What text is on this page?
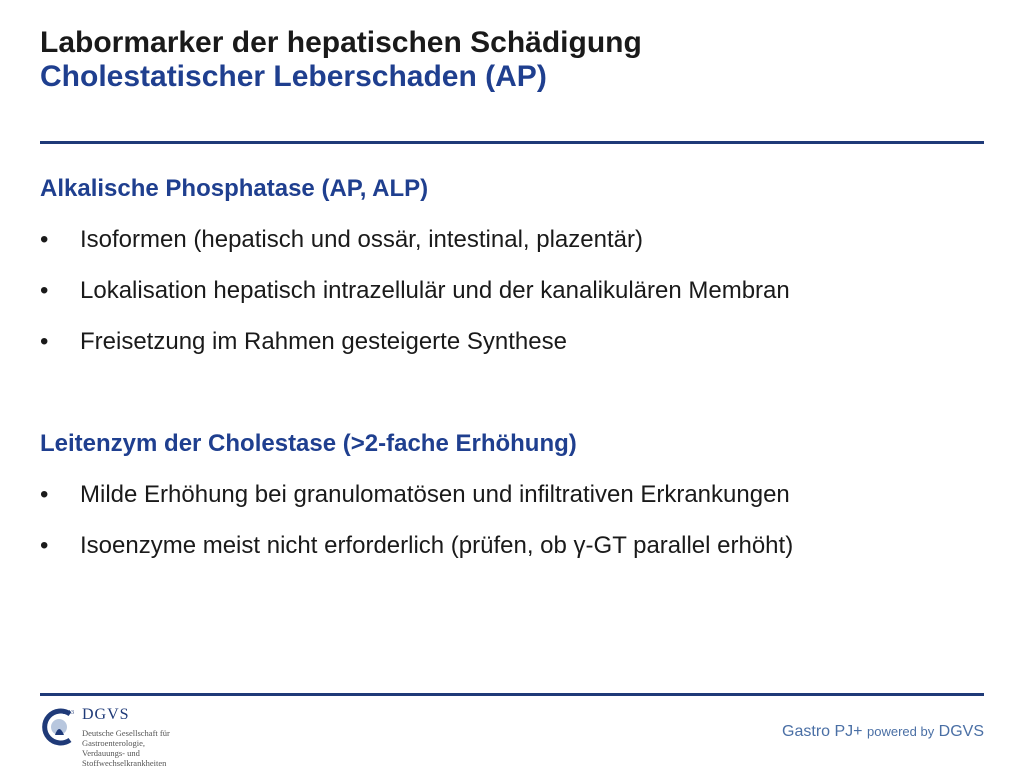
Labormarker der hepatischen Schädigung
Cholestatischer Leberschaden (AP)
Alkalische Phosphatase (AP, ALP)
• Isoformen (hepatisch und ossär, intestinal, plazentär)
• Lokalisation hepatisch intrazellulär und der kanalikulären Membran
• Freisetzung im Rahmen gesteigerte Synthese
Leitenzym der Cholestase (>2-fache Erhöhung)
• Milde Erhöhung bei granulomatösen und infiltrativen Erkrankungen
• Isoenzyme meist nicht erforderlich (prüfen, ob γ-GT parallel erhöht)
1913 DGVS
Deutsche Gesellschaft für
Gastroenterologie,
Verdauungs- und
Stoffwechselkrankheiten
Gastro PJ+ powered by DGVS
